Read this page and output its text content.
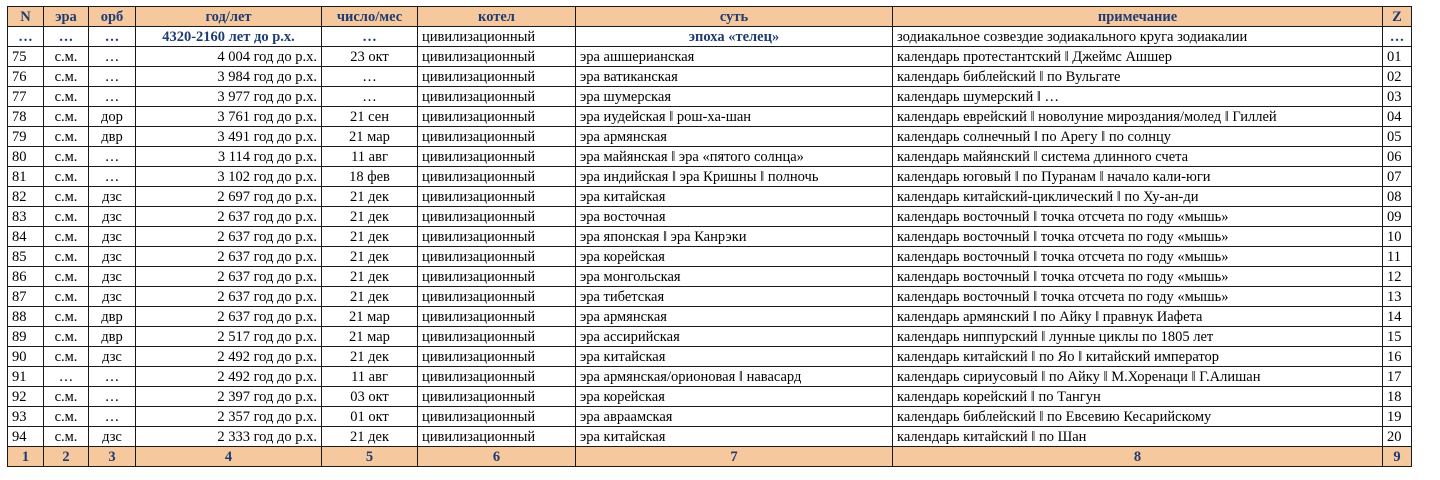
N	эра	орб	год/лет	число/мес	котел	суть	примечание	Z
…	…	…	4320-2160 лет до р.х.	…	цивилизационный	эпоха «телец»	зодиакальное созвездие зодиакального круга зодиакалии	…
75	с.м.	…	4 004 год до р.х.	23 окт	цивилизационный	эра ашшерианская	календарь протестантский ‖ Джеймс Ашшер	01
76	с.м.	…	3 984 год до р.х.	…	цивилизационный	эра ватиканская	календарь библейский ‖ по Вульгате	02
77	с.м.	…	3 977 год до р.х.	…	цивилизационный	эра шумерская	календарь шумерский ‖ …	03
78	с.м.	дор	3 761 год до р.х.	21 сен	цивилизационный	эра иудейская ‖ рош-ха-шан	календарь еврейский ‖ новолуние мироздания/молед ‖ Гиллей	04
79	с.м.	двр	3 491 год до р.х.	21 мар	цивилизационный	эра армянская	календарь солнечный ‖ по Арегу ‖ по солнцу	05
80	с.м.	…	3 114 год до р.х.	11 авг	цивилизационный	эра майянская ‖ эра «пятого солнца»	календарь майянский ‖ система длинного счета	06
81	с.м.	…	3 102 год до р.х.	18 фев	цивилизационный	эра индийская ‖ эра Кришны ‖ полночь	календарь юговый ‖ по Пуранам ‖ начало кали-юги	07
82	с.м.	дзс	2 697 год до р.х.	21 дек	цивилизационный	эра китайская	календарь китайский-циклический ‖ по Ху-ан-ди	08
83	с.м.	дзс	2 637 год до р.х.	21 дек	цивилизационный	эра восточная	календарь восточный ‖ точка отсчета по году «мышь»	09
84	с.м.	дзс	2 637 год до р.х.	21 дек	цивилизационный	эра японская ‖ эра Канрэки	календарь восточный ‖ точка отсчета по году «мышь»	10
85	с.м.	дзс	2 637 год до р.х.	21 дек	цивилизационный	эра корейская	календарь восточный ‖ точка отсчета по году «мышь»	11
86	с.м.	дзс	2 637 год до р.х.	21 дек	цивилизационный	эра монгольская	календарь восточный ‖ точка отсчета по году «мышь»	12
87	с.м.	дзс	2 637 год до р.х.	21 дек	цивилизационный	эра тибетская	календарь восточный ‖ точка отсчета по году «мышь»	13
88	с.м.	двр	2 637 год до р.х.	21 мар	цивилизационный	эра армянская	календарь армянский ‖ по Айку ‖ правнук Иафета	14
89	с.м.	двр	2 517 год до р.х.	21 мар	цивилизационный	эра ассирийская	календарь ниппурский ‖ лунные циклы по 1805 лет	15
90	с.м.	дзс	2 492 год до р.х.	21 дек	цивилизационный	эра китайская	календарь китайский ‖ по Яо ‖ китайский император	16
91	…	…	2 492 год до р.х.	11 авг	цивилизационный	эра армянская/орионовая ‖ навасард	календарь сириусовый ‖ по Айку ‖ М.Хоренаци ‖ Г.Алишан	17
92	с.м.	…	2 397 год до р.х.	03 окт	цивилизационный	эра корейская	календарь корейский ‖ по Тангун	18
93	с.м.	…	2 357 год до р.х.	01 окт	цивилизационный	эра авраамская	календарь библейский ‖ по Евсевию Кесарийскому	19
94	с.м.	дзс	2 333 год до р.х.	21 дек	цивилизационный	эра китайская	календарь китайский ‖ по Шан	20
1	2	3	4	5	6	7	8	9
